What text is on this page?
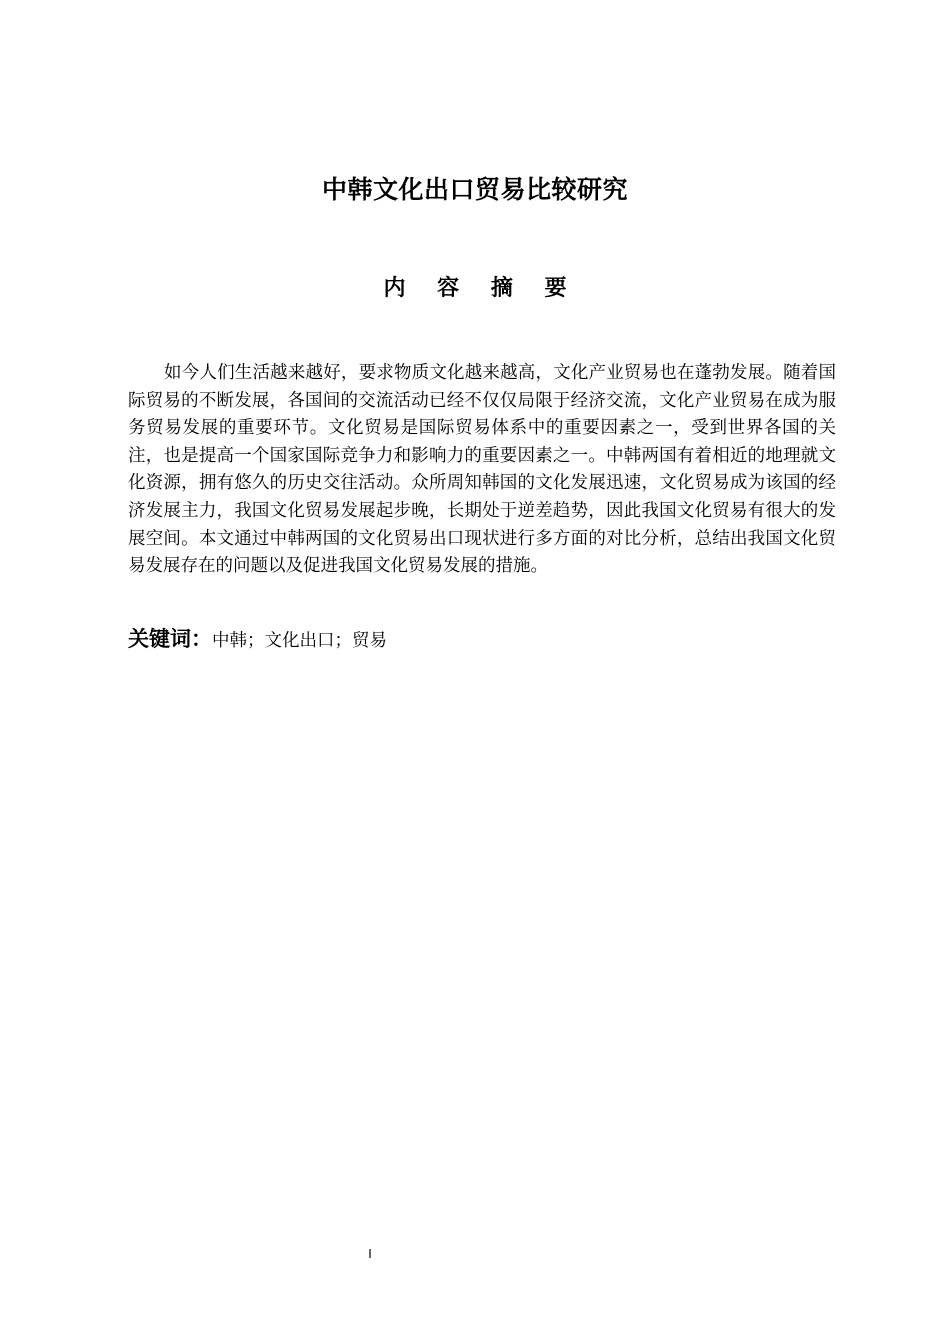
中韩文化出口贸易比较研究
内 容 摘 要

如今人们生活越来越好，要求物质文化越来越高，文化产业贸易也在蓬勃发展。随着国际贸易的不断发展，各国间的交流活动已经不仅仅局限于经济交流，文化产业贸易在成为服务贸易发展的重要环节。文化贸易是国际贸易体系中的重要因素之一，受到世界各国的关注，也是提高一个国家国际竞争力和影响力的重要因素之一。中韩两国有着相近的地理就文化资源，拥有悠久的历史交往活动。众所周知韩国的文化发展迅速，文化贸易成为该国的经济发展主力，我国文化贸易发展起步晚，长期处于逆差趋势，因此我国文化贸易有很大的发展空间。本文通过中韩两国的文化贸易出口现状进行多方面的对比分析，总结出我国文化贸易发展存在的问题以及促进我国文化贸易发展的措施。

关键词：中韩；文化出口；贸易
I
